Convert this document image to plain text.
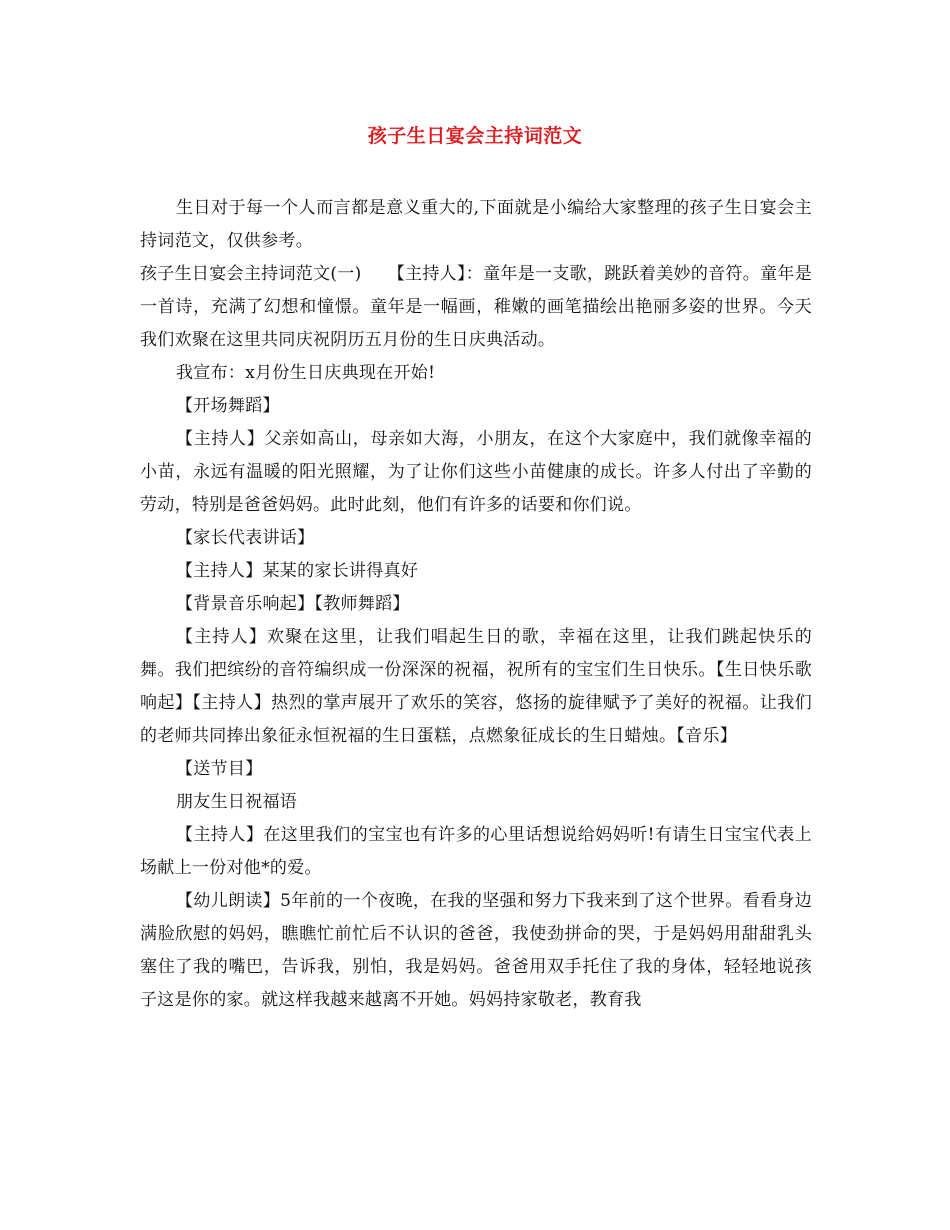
孩子生日宴会主持词范文

生日对于每一个人而言都是意义重大的,下面就是小编给大家整理的孩子生日宴会主持词范文，仅供参考。

孩子生日宴会主持词范文(一)　　【主持人】：童年是一支歌，跳跃着美妙的音符。童年是一首诗，充满了幻想和憧憬。童年是一幅画，稚嫩的画笔描绘出艳丽多姿的世界。今天我们欢聚在这里共同庆祝阴历五月份的生日庆典活动。

我宣布：x月份生日庆典现在开始!

【开场舞蹈】

【主持人】父亲如高山，母亲如大海，小朋友，在这个大家庭中，我们就像幸福的小苗，永远有温暖的阳光照耀，为了让你们这些小苗健康的成长。许多人付出了辛勤的劳动，特别是爸爸妈妈。此时此刻，他们有许多的话要和你们说。

【家长代表讲话】

【主持人】某某的家长讲得真好

【背景音乐响起】【教师舞蹈】

【主持人】欢聚在这里，让我们唱起生日的歌，幸福在这里，让我们跳起快乐的舞。我们把缤纷的音符编织成一份深深的祝福，祝所有的宝宝们生日快乐。【生日快乐歌响起】【主持人】热烈的掌声展开了欢乐的笑容，悠扬的旋律赋予了美好的祝福。让我们的老师共同捧出象征永恒祝福的生日蛋糕，点燃象征成长的生日蜡烛。【音乐】

【送节目】

朋友生日祝福语

【主持人】在这里我们的宝宝也有许多的心里话想说给妈妈听!有请生日宝宝代表上场献上一份对他*的爱。

【幼儿朗读】5年前的一个夜晚，在我的坚强和努力下我来到了这个世界。看看身边满脸欣慰的妈妈，瞧瞧忙前忙后不认识的爸爸，我使劲拼命的哭，于是妈妈用甜甜乳头塞住了我的嘴巴，告诉我，别怕，我是妈妈。爸爸用双手托住了我的身体，轻轻地说孩子这是你的家。就这样我越来越离不开她。妈妈持家敬老，教育我
